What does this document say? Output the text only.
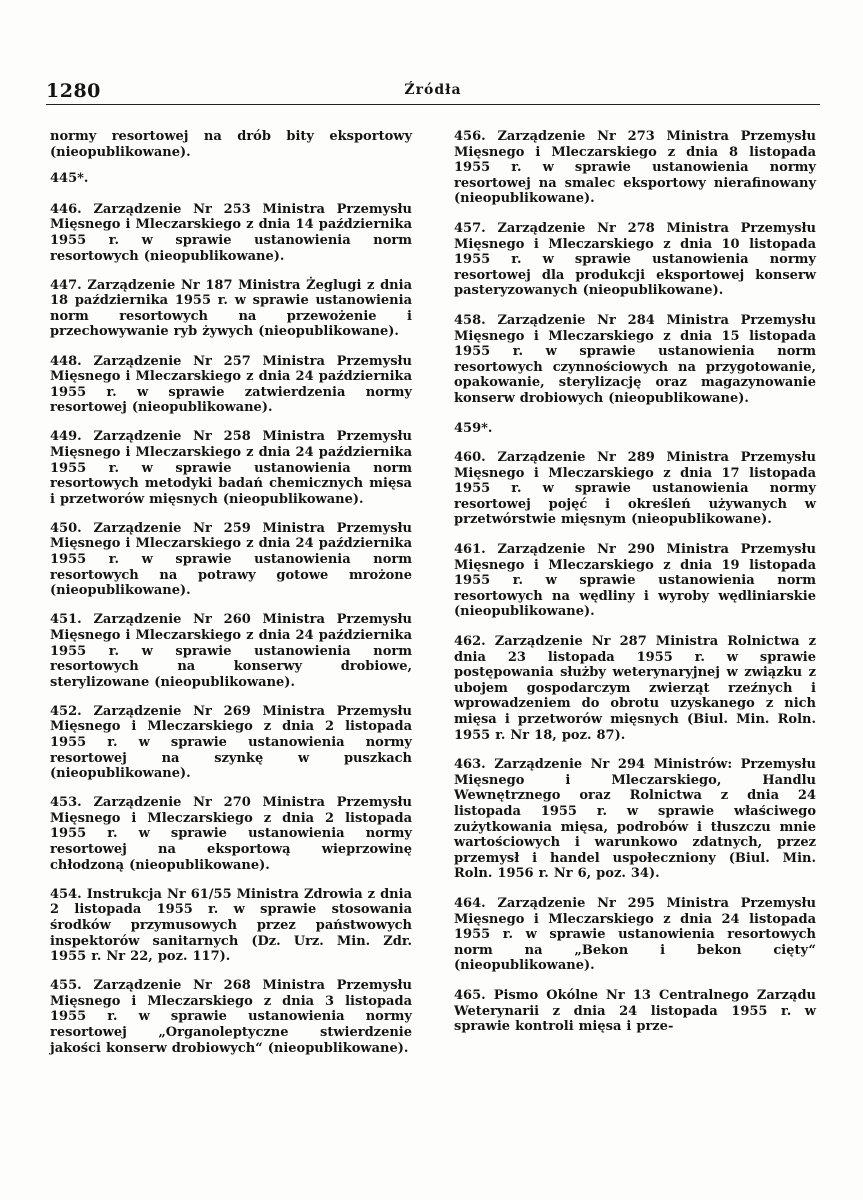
1280	Źródła

normy resortowej na drób bity eksportowy (nieopublikowane).

445*.

446. Zarządzenie Nr 253 Ministra Przemysłu Mięsnego i Mleczarskiego z dnia 14 października 1955 r. w sprawie ustanowienia norm resortowych (nieopublikowane).

447. Zarządzenie Nr 187 Ministra Żeglugi z dnia 18 października 1955 r. w sprawie ustanowienia norm resortowych na przewożenie i przechowywanie ryb żywych (nieopublikowane).

448. Zarządzenie Nr 257 Ministra Przemysłu Mięsnego i Mleczarskiego z dnia 24 października 1955 r. w sprawie zatwierdzenia normy resortowej (nieopublikowane).

449. Zarządzenie Nr 258 Ministra Przemysłu Mięsnego i Mleczarskiego z dnia 24 października 1955 r. w sprawie ustanowienia norm resortowych metodyki badań chemicznych mięsa i przetworów mięsnych (nieopublikowane).

450. Zarządzenie Nr 259 Ministra Przemysłu Mięsnego i Mleczarskiego z dnia 24 października 1955 r. w sprawie ustanowienia norm resortowych na potrawy gotowe mrożone (nieopublikowane).

451. Zarządzenie Nr 260 Ministra Przemysłu Mięsnego i Mleczarskiego z dnia 24 października 1955 r. w sprawie ustanowienia norm resortowych na konserwy drobiowe, sterylizowane (nieopublikowane).

452. Zarządzenie Nr 269 Ministra Przemysłu Mięsnego i Mleczarskiego z dnia 2 listopada 1955 r. w sprawie ustanowienia normy resortowej na szynkę w puszkach (nieopublikowane).

453. Zarządzenie Nr 270 Ministra Przemysłu Mięsnego i Mleczarskiego z dnia 2 listopada 1955 r. w sprawie ustanowienia normy resortowej na eksportową wieprzowinę chłodzoną (nieopublikowane).

454. Instrukcja Nr 61/55 Ministra Zdrowia z dnia 2 listopada 1955 r. w sprawie stosowania środków przymusowych przez państwowych inspektorów sanitarnych (Dz. Urz. Min. Zdr. 1955 r. Nr 22, poz. 117).

455. Zarządzenie Nr 268 Ministra Przemysłu Mięsnego i Mleczarskiego z dnia 3 listopada 1955 r. w sprawie ustanowienia normy resortowej „Organoleptyczne stwierdzenie jakości konserw drobiowych“ (nieopublikowane).

456. Zarządzenie Nr 273 Ministra Przemysłu Mięsnego i Mleczarskiego z dnia 8 listopada 1955 r. w sprawie ustanowienia normy resortowej na smalec eksportowy nierafinowany (nieopublikowane).

457. Zarządzenie Nr 278 Ministra Przemysłu Mięsnego i Mleczarskiego z dnia 10 listopada 1955 r. w sprawie ustanowienia normy resortowej dla produkcji eksportowej konserw pasteryzowanych (nieopublikowane).

458. Zarządzenie Nr 284 Ministra Przemysłu Mięsnego i Mleczarskiego z dnia 15 listopada 1955 r. w sprawie ustanowienia norm resortowych czynnościowych na przygotowanie, opakowanie, sterylizację oraz magazynowanie konserw drobiowych (nieopublikowane).

459*.

460. Zarządzenie Nr 289 Ministra Przemysłu Mięsnego i Mleczarskiego z dnia 17 listopada 1955 r. w sprawie ustanowienia normy resortowej pojęć i określeń używanych w przetwórstwie mięsnym (nieopublikowane).

461. Zarządzenie Nr 290 Ministra Przemysłu Mięsnego i Mleczarskiego z dnia 19 listopada 1955 r. w sprawie ustanowienia norm resortowych na wędliny i wyroby wędliniarskie (nieopublikowane).

462. Zarządzenie Nr 287 Ministra Rolnictwa z dnia 23 listopada 1955 r. w sprawie postępowania służby weterynaryjnej w związku z ubojem gospodarczym zwierząt rzeźnych i wprowadzeniem do obrotu uzyskanego z nich mięsa i przetworów mięsnych (Biul. Min. Roln. 1955 r. Nr 18, poz. 87).

463. Zarządzenie Nr 294 Ministrów: Przemysłu Mięsnego i Mleczarskiego, Handlu Wewnętrznego oraz Rolnictwa z dnia 24 listopada 1955 r. w sprawie właściwego zużytkowania mięsa, podrobów i tłuszczu mnie wartościowych i warunkowo zdatnych, przez przemysł i handel uspołeczniony (Biul. Min. Roln. 1956 r. Nr 6, poz. 34).

464. Zarządzenie Nr 295 Ministra Przemysłu Mięsnego i Mleczarskiego z dnia 24 listopada 1955 r. w sprawie ustanowienia resortowych norm na „Bekon i bekon cięty“ (nieopublikowane).

465. Pismo Okólne Nr 13 Centralnego Zarządu Weterynarii z dnia 24 listopada 1955 r. w sprawie kontroli mięsa i prze-
